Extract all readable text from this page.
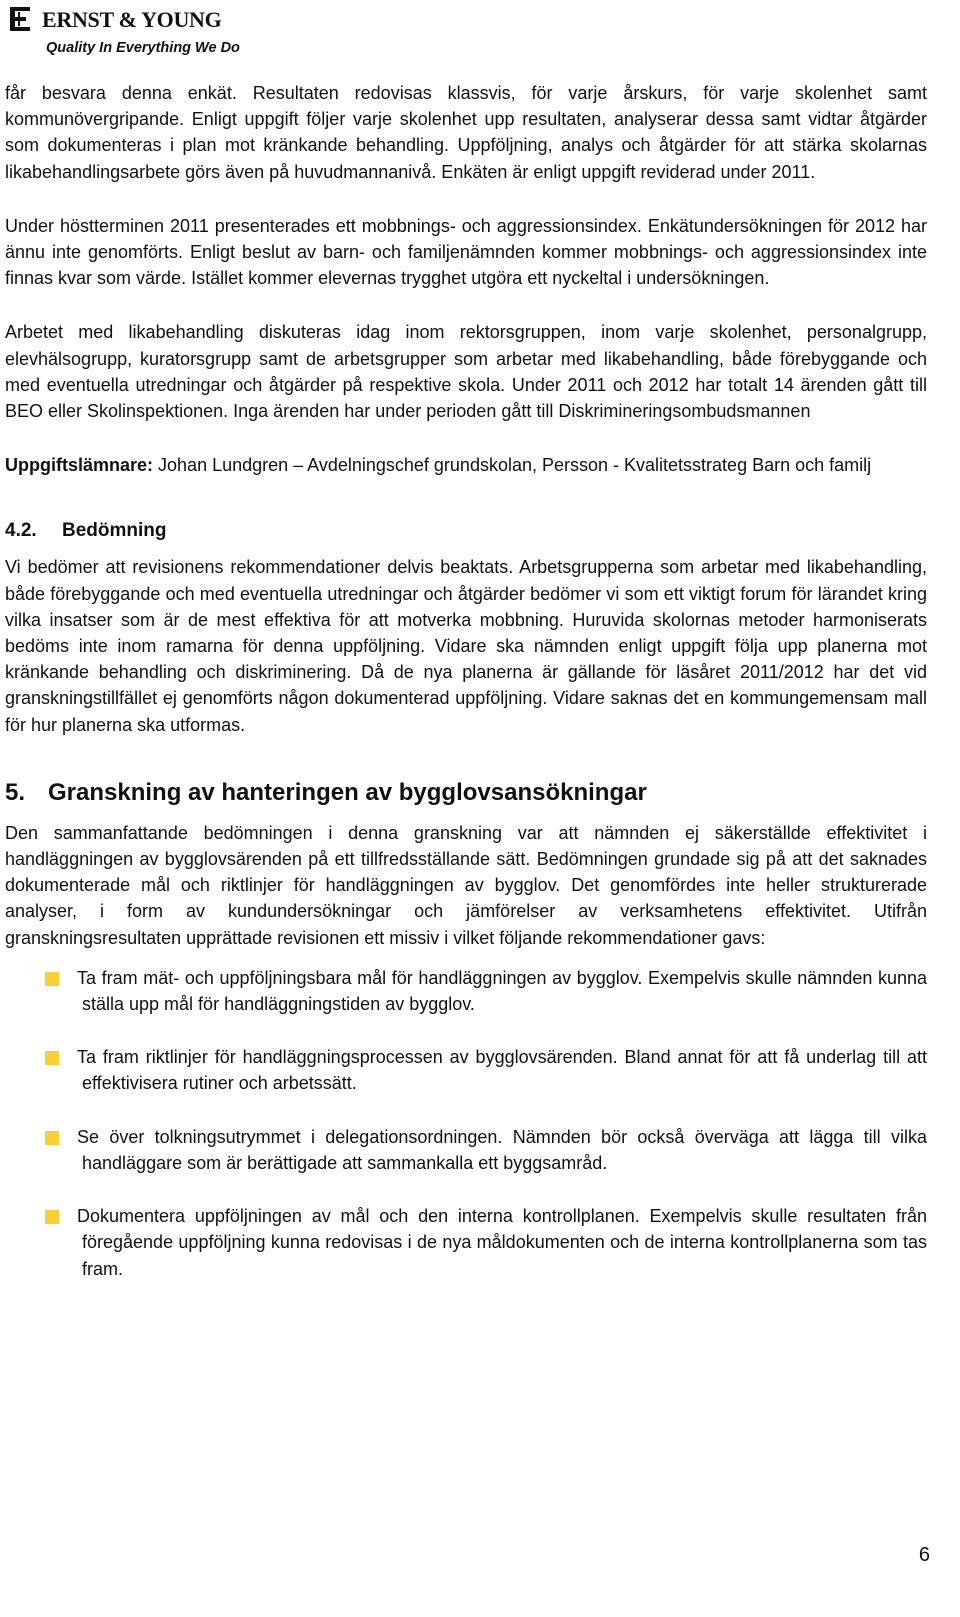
ERNST & YOUNG
Quality In Everything We Do

får besvara denna enkät. Resultaten redovisas klassvis, för varje årskurs, för varje skolenhet samt kommunövergripande. Enligt uppgift följer varje skolenhet upp resultaten, analyserar dessa samt vidtar åtgärder som dokumenteras i plan mot kränkande behandling. Uppföljning, analys och åtgärder för att stärka skolarnas likabehandlingsarbete görs även på huvudmannanivå. Enkäten är enligt uppgift reviderad under 2011.

Under höstterminen 2011 presenterades ett mobbnings- och aggressionsindex. Enkätundersökningen för 2012 har ännu inte genomförts. Enligt beslut av barn- och familjenämnden kommer mobbnings- och aggressionsindex inte finnas kvar som värde. Istället kommer elevernas trygghet utgöra ett nyckeltal i undersökningen.

Arbetet med likabehandling diskuteras idag inom rektorsgruppen, inom varje skolenhet, personalgrupp, elevhälsogrupp, kuratorsgrupp samt de arbetsgrupper som arbetar med likabehandling, både förebyggande och med eventuella utredningar och åtgärder på respektive skola. Under 2011 och 2012 har totalt 14 ärenden gått till BEO eller Skolinspektionen. Inga ärenden har under perioden gått till Diskrimineringsombudsmannen

Uppgiftslämnare: Johan Lundgren – Avdelningschef grundskolan, Persson - Kvalitetsstrateg Barn och familj

4.2. Bedömning

Vi bedömer att revisionens rekommendationer delvis beaktats. Arbetsgrupperna som arbetar med likabehandling, både förebyggande och med eventuella utredningar och åtgärder bedömer vi som ett viktigt forum för lärandet kring vilka insatser som är de mest effektiva för att motverka mobbning. Huruvida skolornas metoder harmoniserats bedöms inte inom ramarna för denna uppföljning. Vidare ska nämnden enligt uppgift följa upp planerna mot kränkande behandling och diskriminering. Då de nya planerna är gällande för läsåret 2011/2012 har det vid granskningstillfället ej genomförts någon dokumenterad uppföljning. Vidare saknas det en kommungemensam mall för hur planerna ska utformas.

5. Granskning av hanteringen av bygglovsansökningar

Den sammanfattande bedömningen i denna granskning var att nämnden ej säkerställde effektivitet i handläggningen av bygglovsärenden på ett tillfredsställande sätt. Bedömningen grundade sig på att det saknades dokumenterade mål och riktlinjer för handläggningen av bygglov. Det genomfördes inte heller strukturerade analyser, i form av kundundersökningar och jämförelser av verksamhetens effektivitet. Utifrån granskningsresultaten upprättade revisionen ett missiv i vilket följande rekommendationer gavs:

Ta fram mät- och uppföljningsbara mål för handläggningen av bygglov. Exempelvis skulle nämnden kunna ställa upp mål för handläggningstiden av bygglov.

Ta fram riktlinjer för handläggningsprocessen av bygglovsärenden. Bland annat för att få underlag till att effektivisera rutiner och arbetssätt.

Se över tolkningsutrymmet i delegationsordningen. Nämnden bör också överväga att lägga till vilka handläggare som är berättigade att sammankalla ett byggsamråd.

Dokumentera uppföljningen av mål och den interna kontrollplanen. Exempelvis skulle resultaten från föregående uppföljning kunna redovisas i de nya måldokumenten och de interna kontrollplanerna som tas fram.

6
